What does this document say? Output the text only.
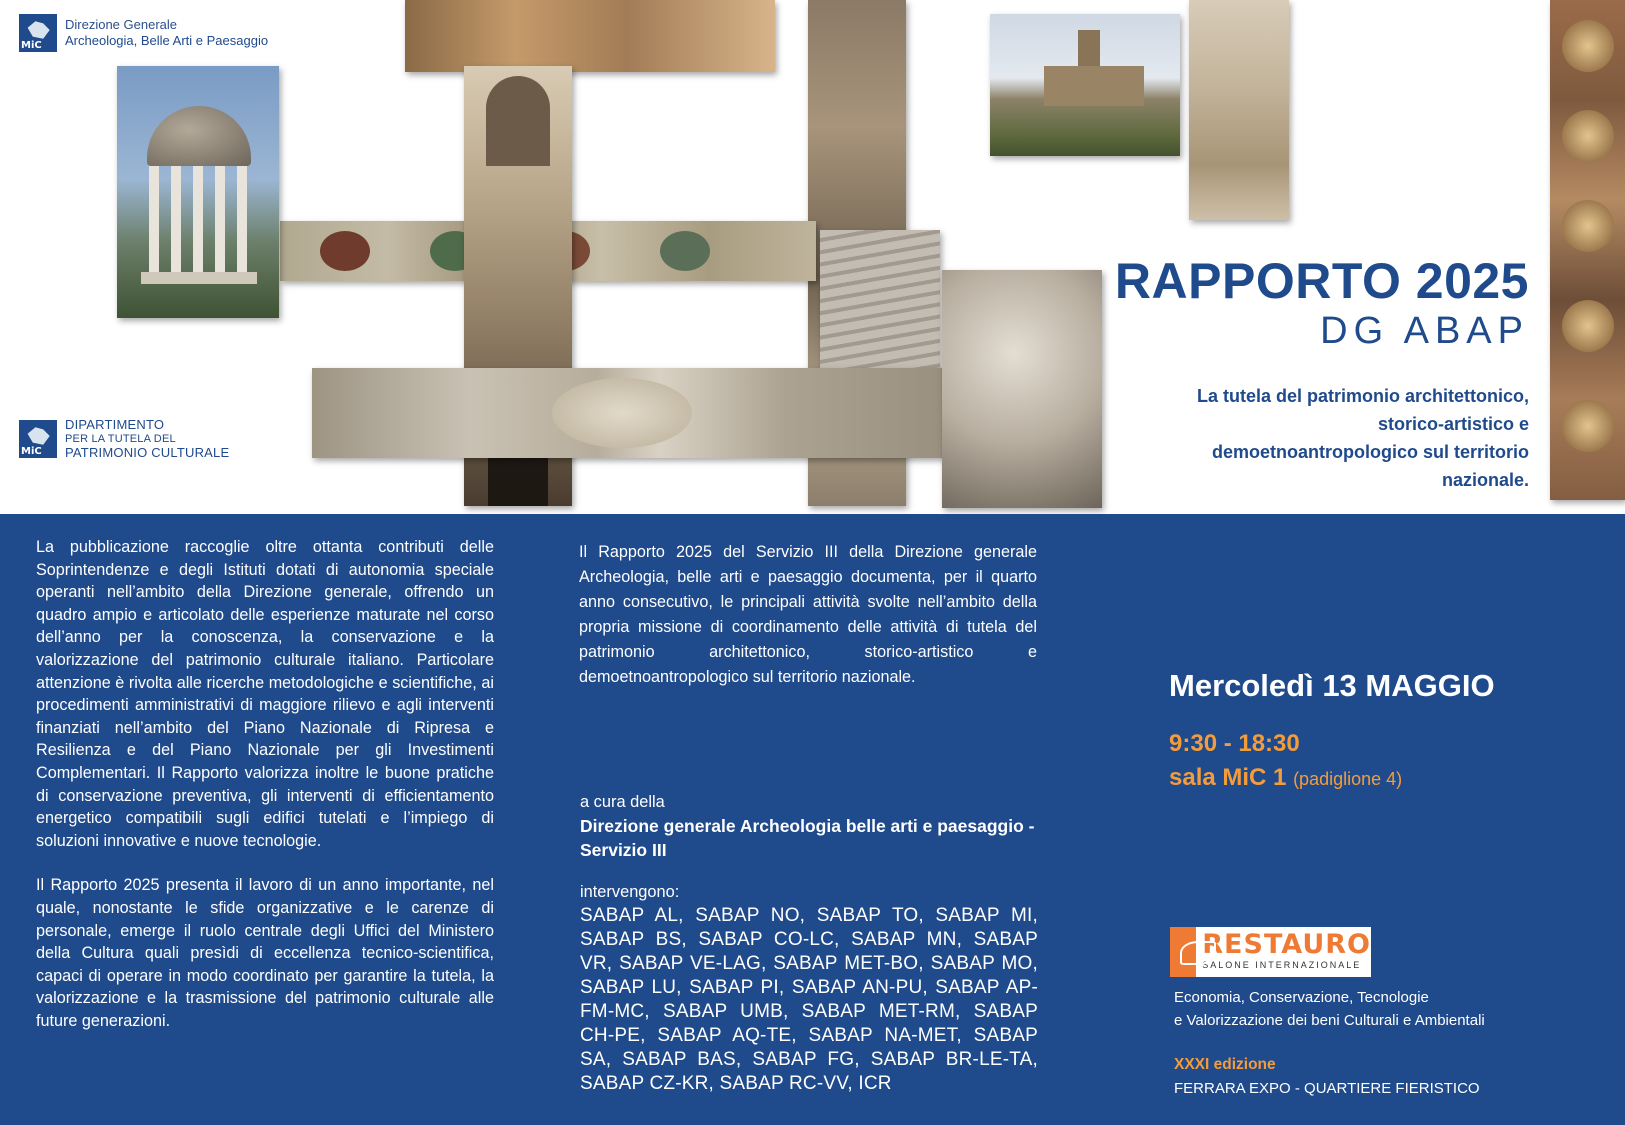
MiC
Direzione Generale
Archeologia, Belle Arti e Paesaggio
MiC
DIPARTIMENTO
PER LA TUTELA DEL
PATRIMONIO CULTURALE
RAPPORTO 2025
DG ABAP
La tutela del patrimonio architettonico, storico-artistico e demoetnoantropologico sul territorio nazionale.

La pubblicazione raccoglie oltre ottanta contributi delle Soprintendenze e degli Istituti dotati di autonomia speciale operanti nell’ambito della Direzione generale, offrendo un quadro ampio e articolato delle esperienze maturate nel corso dell’anno per la conoscenza, la conservazione e la valorizzazione del patrimonio culturale italiano. Particolare attenzione è rivolta alle ricerche metodologiche e scientifiche, ai procedimenti amministrativi di maggiore rilievo e agli interventi finanziati nell’ambito del Piano Nazionale di Ripresa e Resilienza e del Piano Nazionale per gli Investimenti Complementari. Il Rapporto valorizza inoltre le buone pratiche di conservazione preventiva, gli interventi di efficientamento energetico compatibili sugli edifici tutelati e l’impiego di soluzioni innovative e nuove tecnologie.

Il Rapporto 2025 presenta il lavoro di un anno importante, nel quale, nonostante le sfide organizzative e le carenze di personale, emerge il ruolo centrale degli Uffici del Ministero della Cultura quali presìdi di eccellenza tecnico-scientifica, capaci di operare in modo coordinato per garantire la tutela, la valorizzazione e la trasmissione del patrimonio culturale alle future generazioni.

Il Rapporto 2025 del Servizio III della Direzione generale Archeologia, belle arti e paesaggio documenta, per il quarto anno consecutivo, le principali attività svolte nell’ambito della propria missione di coordinamento delle attività di tutela del patrimonio architettonico, storico-artistico e demoetnoantropologico sul territorio nazionale.

a cura della
Direzione generale Archeologia belle arti e paesaggio - Servizio III
intervengono:
SABAP AL, SABAP NO, SABAP TO, SABAP MI, SABAP BS, SABAP CO-LC, SABAP MN, SABAP VR, SABAP VE-LAG, SABAP MET-BO, SABAP MO, SABAP LU, SABAP PI, SABAP AN-PU, SABAP AP-FM-MC, SABAP UMB, SABAP MET-RM, SABAP CH-PE, SABAP AQ-TE, SABAP NA-MET, SABAP SA, SABAP BAS, SABAP FG, SABAP BR-LE-TA, SABAP CZ-KR, SABAP RC-VV, ICR
Mercoledì 13 MAGGIO
9:30 - 18:30
sala MiC 1 (padiglione 4)
RESTAURO
SALONE INTERNAZIONALE
Economia, Conservazione, Tecnologie
e Valorizzazione dei beni Culturali e Ambientali
XXXI edizione
FERRARA EXPO - QUARTIERE FIERISTICO
